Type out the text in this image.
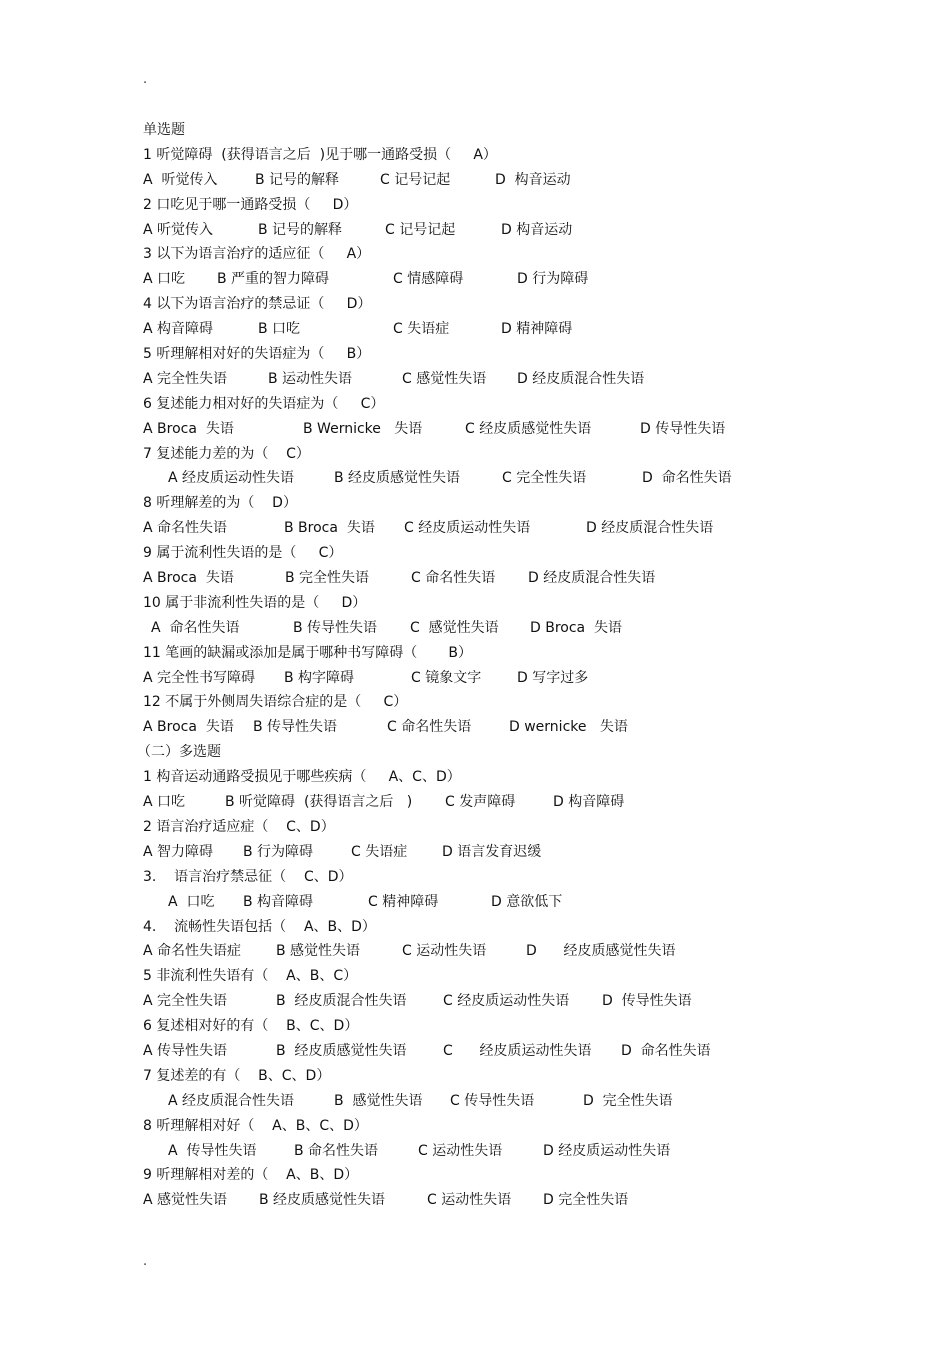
.
单选题
1 听觉障碍  (获得语言之后  )见于哪一通路受损（     A）
A  听觉传入	B 记号的解释	C 记号记起	D  构音运动
2 口吃见于哪一通路受损（     D）
A 听觉传入	B 记号的解释	C 记号记起	D 构音运动
3 以下为语言治疗的适应征（     A）
A 口吃 B 严重的智力障碍	C 情感障碍	D 行为障碍
4 以下为语言治疗的禁忌证（     D）
A 构音障碍	B 口吃	C 失语症	D 精神障碍
5 听理解相对好的失语症为（     B）
A 完全性失语	B 运动性失语	C 感觉性失语 D 经皮质混合性失语
6 复述能力相对好的失语症为（     C）
A Broca  失语	B Wernicke   失语	C 经皮质感觉性失语	D 传导性失语
7 复述能力差的为（    C）
A 经皮质运动性失语	B 经皮质感觉性失语	C 完全性失语	D  命名性失语
8 听理解差的为（    D）
A 命名性失语	B Broca  失语 C 经皮质运动性失语	D 经皮质混合性失语
9 属于流利性失语的是（     C）
A Broca  失语	B 完全性失语	C 命名性失语 D 经皮质混合性失语
10 属于非流利性失语的是（     D）
A  命名性失语	B 传导性失语 C  感觉性失语 D Broca  失语
11 笔画的缺漏或添加是属于哪种书写障碍（       B）
A 完全性书写障碍 B 构字障碍	C 镜象文字	D 写字过多
12 不属于外侧周失语综合症的是（     C）
A Broca  失语 B 传导性失语	C 命名性失语	D wernicke   失语
（二）多选题
1 构音运动通路受损见于哪些疾病（     A、C、D）
A 口吃	B 听觉障碍  (获得语言之后   ) C 发声障碍	D 构音障碍
2 语言治疗适应症（    C、D）
A 智力障碍 B 行为障碍	C 失语症 D 语言发育迟缓
3.    语言治疗禁忌征（    C、D）
A  口吃 B 构音障碍	C 精神障碍	D 意欲低下
4.    流畅性失语包括（    A、B、D）
A 命名性失语症 B 感觉性失语	C 运动性失语	D      经皮质感觉性失语
5 非流利性失语有（    A、B、C）
A 完全性失语	B  经皮质混合性失语	C 经皮质运动性失语 D  传导性失语
6 复述相对好的有（    B、C、D）
A 传导性失语	B  经皮质感觉性失语	C      经皮质运动性失语 D  命名性失语
7 复述差的有（    B、C、D）
A 经皮质混合性失语	B  感觉性失语 C 传导性失语	D  完全性失语
8 听理解相对好（    A、B、C、D）
A  传导性失语	B 命名性失语	C 运动性失语	D 经皮质运动性失语
9 听理解相对差的（    A、B、D）
A 感觉性失语 B 经皮质感觉性失语	C 运动性失语 D 完全性失语
.
